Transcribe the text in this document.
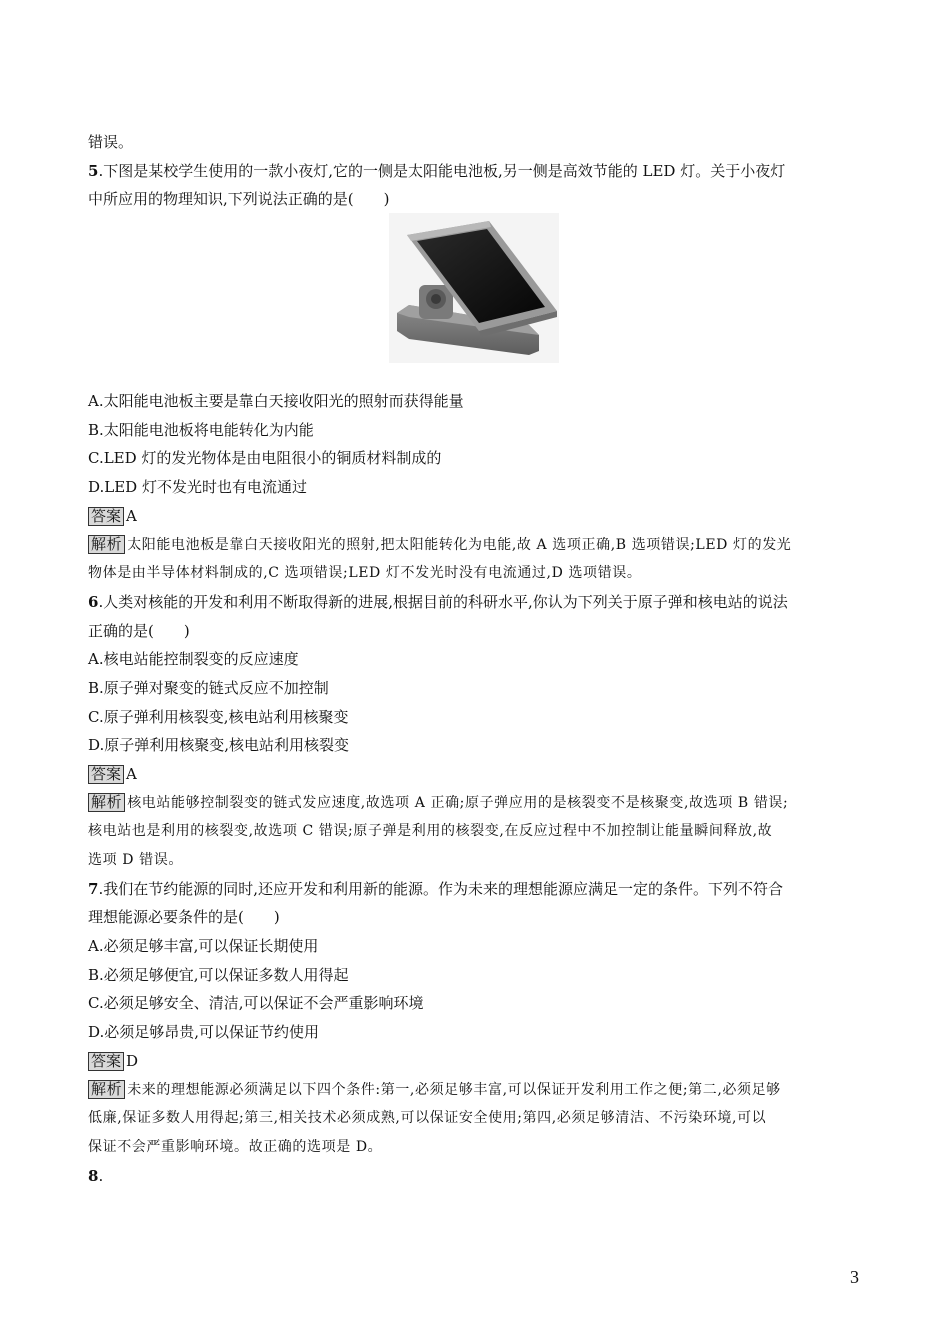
错误。
5.下图是某校学生使用的一款小夜灯,它的一侧是太阳能电池板,另一侧是高效节能的 LED 灯。关于小夜灯
中所应用的物理知识,下列说法正确的是(　　)
A.太阳能电池板主要是靠白天接收阳光的照射而获得能量
B.太阳能电池板将电能转化为内能
C.LED 灯的发光物体是由电阻很小的铜质材料制成的
D.LED 灯不发光时也有电流通过
答案 A
解析 太阳能电池板是靠白天接收阳光的照射,把太阳能转化为电能,故 A 选项正确,B 选项错误;LED 灯的发光
物体是由半导体材料制成的,C 选项错误;LED 灯不发光时没有电流通过,D 选项错误。
6.人类对核能的开发和利用不断取得新的进展,根据目前的科研水平,你认为下列关于原子弹和核电站的说法
正确的是(　　)
A.核电站能控制裂变的反应速度
B.原子弹对聚变的链式反应不加控制
C.原子弹利用核裂变,核电站利用核聚变
D.原子弹利用核聚变,核电站利用核裂变
答案 A
解析 核电站能够控制裂变的链式发应速度,故选项 A 正确;原子弹应用的是核裂变不是核聚变,故选项 B 错误;
核电站也是利用的核裂变,故选项 C 错误;原子弹是利用的核裂变,在反应过程中不加控制让能量瞬间释放,故
选项 D 错误。
7.我们在节约能源的同时,还应开发和利用新的能源。作为未来的理想能源应满足一定的条件。下列不符合
理想能源必要条件的是(　　)
A.必须足够丰富,可以保证长期使用
B.必须足够便宜,可以保证多数人用得起
C.必须足够安全、清洁,可以保证不会严重影响环境
D.必须足够昂贵,可以保证节约使用
答案 D
解析 未来的理想能源必须满足以下四个条件:第一,必须足够丰富,可以保证开发利用工作之便;第二,必须足够
低廉,保证多数人用得起;第三,相关技术必须成熟,可以保证安全使用;第四,必须足够清洁、不污染环境,可以
保证不会严重影响环境。故正确的选项是 D。
8.
3
